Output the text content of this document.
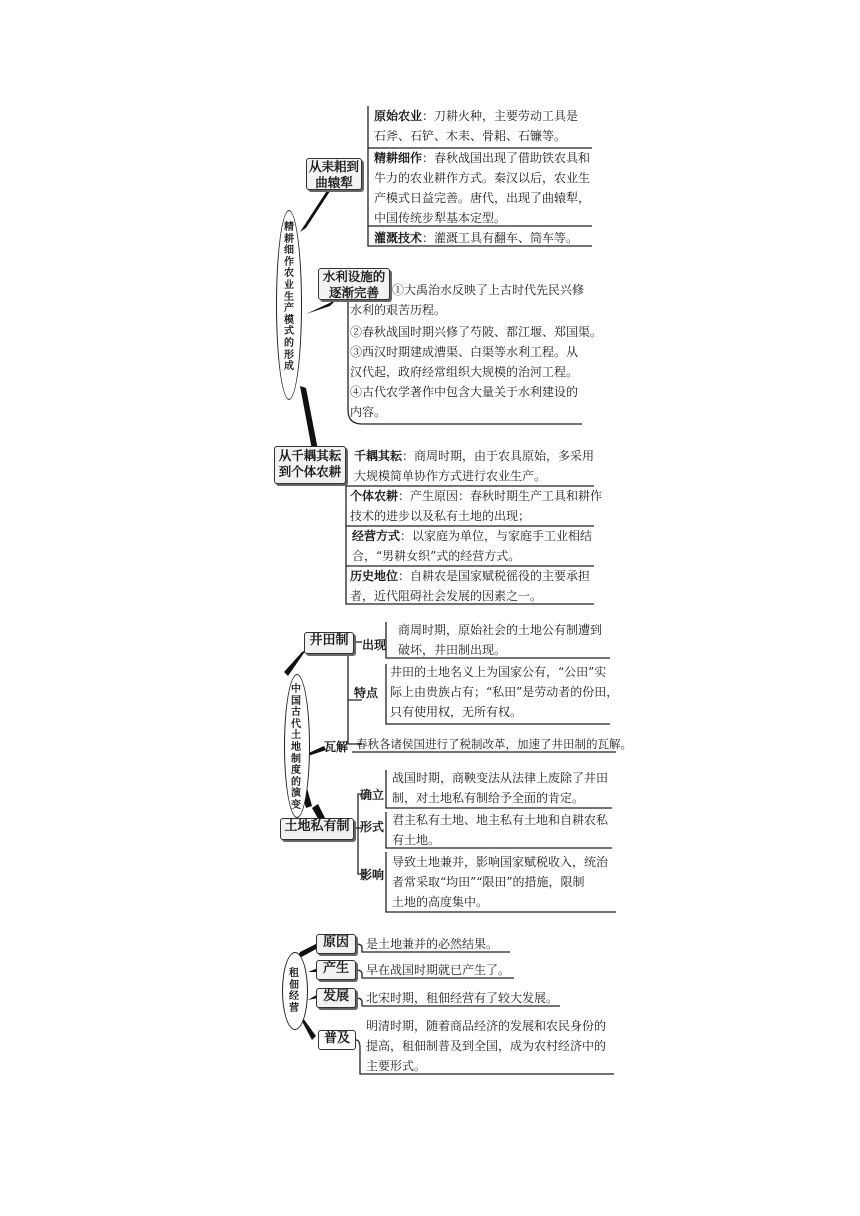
精耕细作农业生产模式的形成
从耒耜到曲辕犁
原始农业：刀耕火种，主要劳动工具是
石斧、石铲、木耒、骨耜、石镰等。
精耕细作：春秋战国出现了借助铁农具和
牛力的农业耕作方式。秦汉以后，农业生
产模式日益完善。唐代，出现了曲辕犁，
中国传统步犁基本定型。
灌溉技术：灌溉工具有翻车、筒车等。
水利设施的逐渐完善	①大禹治水反映了上古时代先民兴修
水利的艰苦历程。
②春秋战国时期兴修了芍陂、都江堰、郑国渠。
③西汉时期建成漕渠、白渠等水利工程。从
汉代起，政府经常组织大规模的治河工程。
④古代农学著作中包含大量关于水利建设的
内容。
从千耦其耘到个体农耕
千耦其耘：商周时期，由于农具原始，多采用
大规模简单协作方式进行农业生产。
个体农耕：产生原因：春秋时期生产工具和耕作
技术的进步以及私有土地的出现；
经营方式：以家庭为单位，与家庭手工业相结
合，“男耕女织”式的经营方式。
历史地位：自耕农是国家赋税徭役的主要承担
者，近代阻碍社会发展的因素之一。
中国古代土地制度的演变
井田制	出现
商周时期，原始社会的土地公有制遭到
破坏，井田制出现。
特点
井田的土地名义上为国家公有，“公田”实
际上由贵族占有；“私田”是劳动者的份田，
只有使用权，无所有权。
瓦解 春秋各诸侯国进行了税制改革，加速了井田制的瓦解。
土地私有制
确立
战国时期，商鞅变法从法律上废除了井田
制，对土地私有制给予全面的肯定。
形式 君主私有土地、地主私有土地和自耕农私
有土地。
影响
导致土地兼并，影响国家赋税收入，统治
者常采取“均田”“限田”的措施，限制
土地的高度集中。
租佃经营
原因	是土地兼并的必然结果。
产生	早在战国时期就已产生了。
发展	北宋时期，租佃经营有了较大发展。
普及
明清时期，随着商品经济的发展和农民身份的
提高，租佃制普及到全国，成为农村经济中的
主要形式。
